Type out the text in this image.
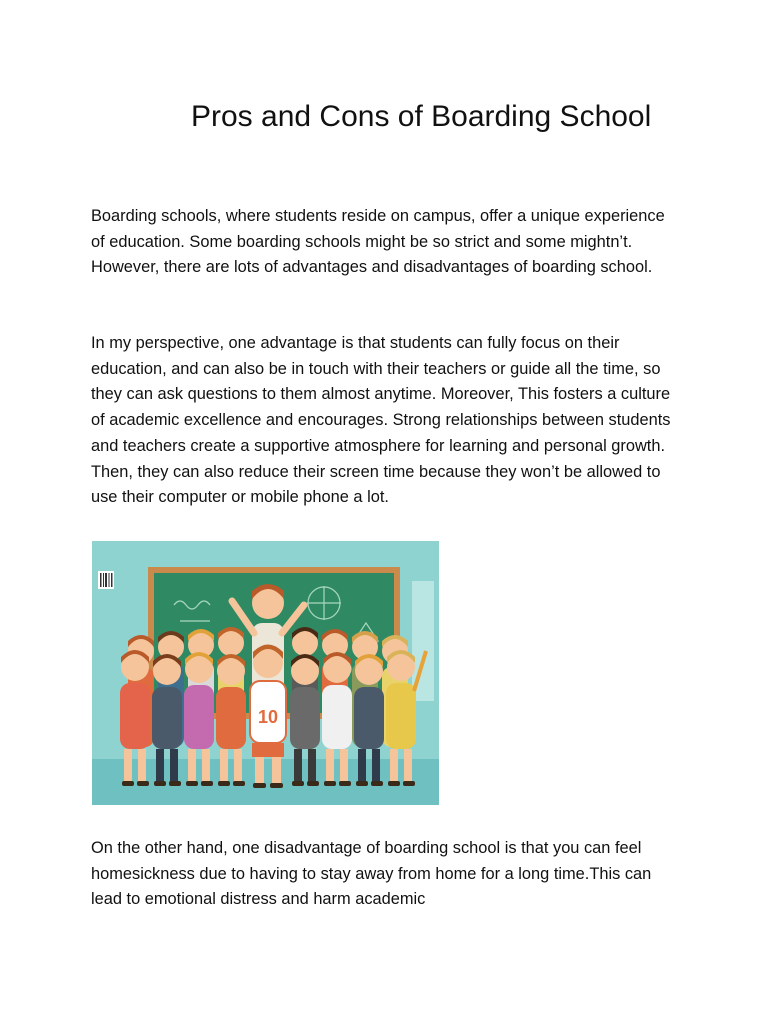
Pros and Cons of Boarding School

Boarding schools, where students reside on campus, offer a unique experience of education. Some boarding schools might be so strict and some mightn’t. However, there are lots of advantages and disadvantages of boarding school.

In my perspective, one advantage is that students can fully focus on their education, and can also be in touch with their teachers or guide all the time, so they can ask questions to them almost anytime. Moreover, This fosters a culture of academic excellence and encourages. Strong relationships between students and teachers create a supportive atmosphere for learning and personal growth. Then, they can also reduce their screen time because they won’t be allowed to use their computer or mobile phone a lot.

10

On the other hand, one disadvantage of boarding school is that you can feel homesickness due to having to stay away from home for a long time.This can lead to emotional distress and harm academic
